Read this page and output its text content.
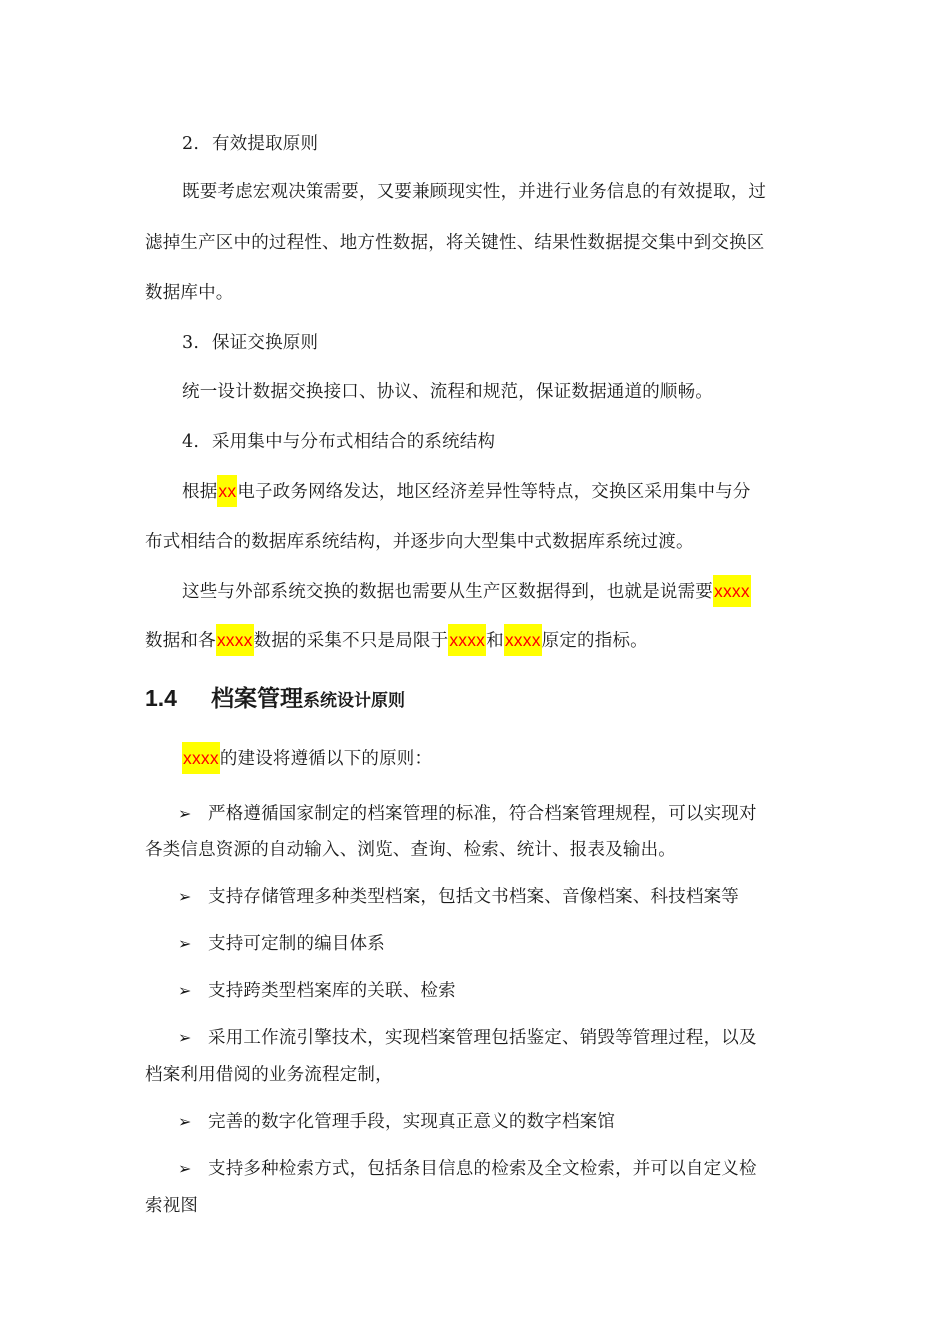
2. 有效提取原则
既要考虑宏观决策需要，又要兼顾现实性，并进行业务信息的有效提取，过
滤掉生产区中的过程性、地方性数据，将关键性、结果性数据提交集中到交换区
数据库中。
3. 保证交换原则
统一设计数据交换接口、协议、流程和规范，保证数据通道的顺畅。
4. 采用集中与分布式相结合的系统结构
根据xx电子政务网络发达，地区经济差异性等特点，交换区采用集中与分
布式相结合的数据库系统结构，并逐步向大型集中式数据库系统过渡。
这些与外部系统交换的数据也需要从生产区数据得到，也就是说需要xxxx
数据和各xxxx数据的采集不只是局限于xxxx和xxxx原定的指标。
1.4 档案管理系统设计原则
xxxx的建设将遵循以下的原则：
➢ 严格遵循国家制定的档案管理的标准，符合档案管理规程，可以实现对
各类信息资源的自动输入、浏览、查询、检索、统计、报表及输出。
➢ 支持存储管理多种类型档案，包括文书档案、音像档案、科技档案等
➢ 支持可定制的编目体系
➢ 支持跨类型档案库的关联、检索
➢ 采用工作流引擎技术，实现档案管理包括鉴定、销毁等管理过程，以及
档案利用借阅的业务流程定制，
➢ 完善的数字化管理手段，实现真正意义的数字档案馆
➢ 支持多种检索方式，包括条目信息的检索及全文检索，并可以自定义检
索视图
